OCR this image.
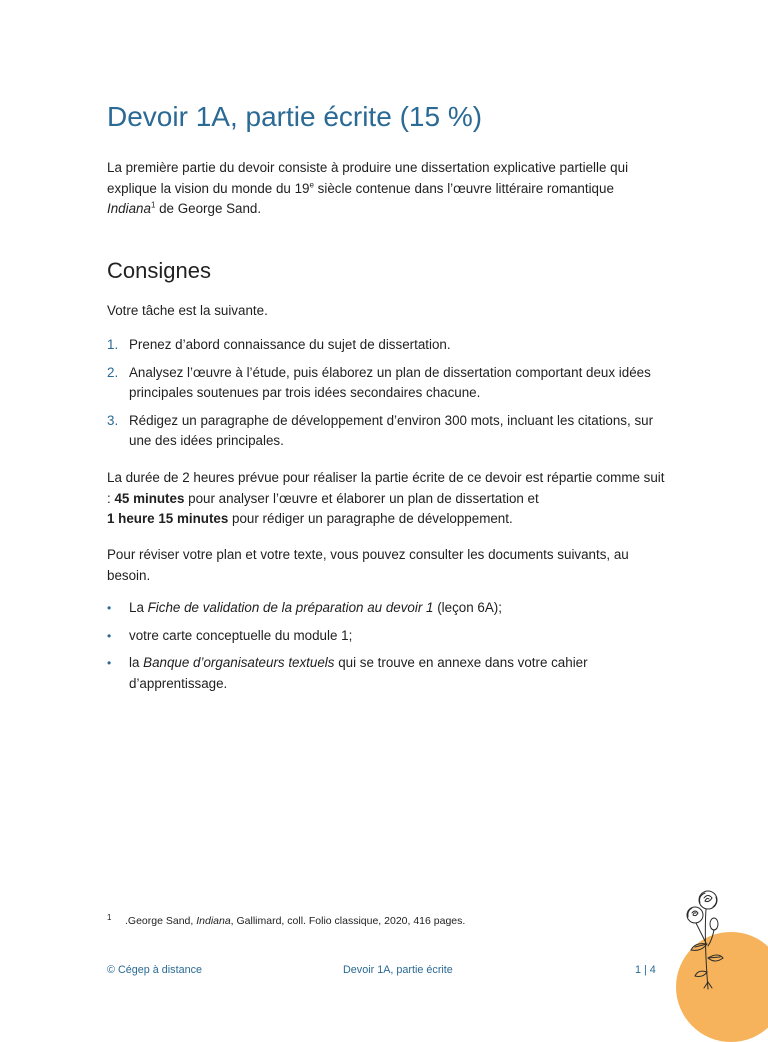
Devoir 1A, partie écrite (15 %)

La première partie du devoir consiste à produire une dissertation explicative partielle qui explique la vision du monde du 19e siècle contenue dans l’œuvre littéraire romantique
Indiana$^1$ de George Sand.

Consignes

Votre tâche est la suivante.

1. Prenez d’abord connaissance du sujet de dissertation.
2. Analysez l’œuvre à l’étude, puis élaborez un plan de dissertation comportant deux idées principales soutenues par trois idées secondaires chacune.
3. Rédigez un paragraphe de développement d’environ 300 mots, incluant les citations, sur une des idées principales.

La durée de 2 heures prévue pour réaliser la partie écrite de ce devoir est répartie comme suit : 45 minutes pour analyser l’œuvre et élaborer un plan de dissertation et
1 heure 15 minutes pour rédiger un paragraphe de développement.

Pour réviser votre plan et votre texte, vous pouvez consulter les documents suivants, au besoin.

• La Fiche de validation de la préparation au devoir 1 (leçon 6A);
• votre carte conceptuelle du module 1;
• la Banque d’organisateurs textuels qui se trouve en annexe dans votre cahier d’apprentissage.

1 .George Sand, Indiana, Gallimard, coll. Folio classique, 2020, 416 pages.

© Cégep à distance	Devoir 1A, partie écrite	1 | 4
